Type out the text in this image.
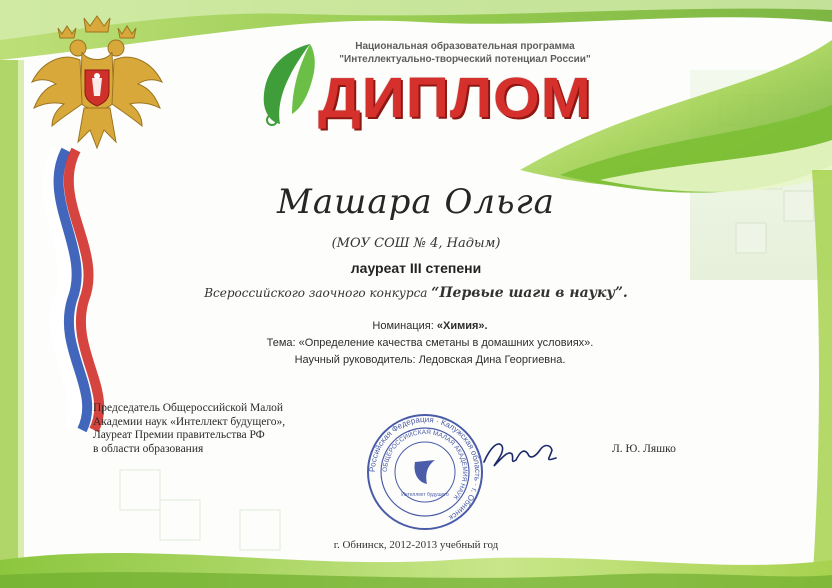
Национальная образовательная программа
"Интеллектуально-творческий потенциал России"
ДИПЛОМ
Машара Ольга
(МОУ СОШ № 4, Надым)
лауреат III степени
Всероссийского заочного конкурса “Первые шаги в науку”.
Номинация: «Химия».
Тема: «Определение качества сметаны в домашних условиях».
Научный руководитель: Ледовская Дина Георгиевна.
Председатель Общероссийской Малой
Академии наук «Интеллект будущего»,
Лауреат Премии правительства РФ
в области образования
Российская Федерация · Калужская область · г. Обнинск
ОБЩЕРОССИЙСКАЯ МАЛАЯ АКАДЕМИЯ НАУК
Интеллект будущего
Л. Ю. Ляшко
г. Обнинск, 2012-2013 учебный год
